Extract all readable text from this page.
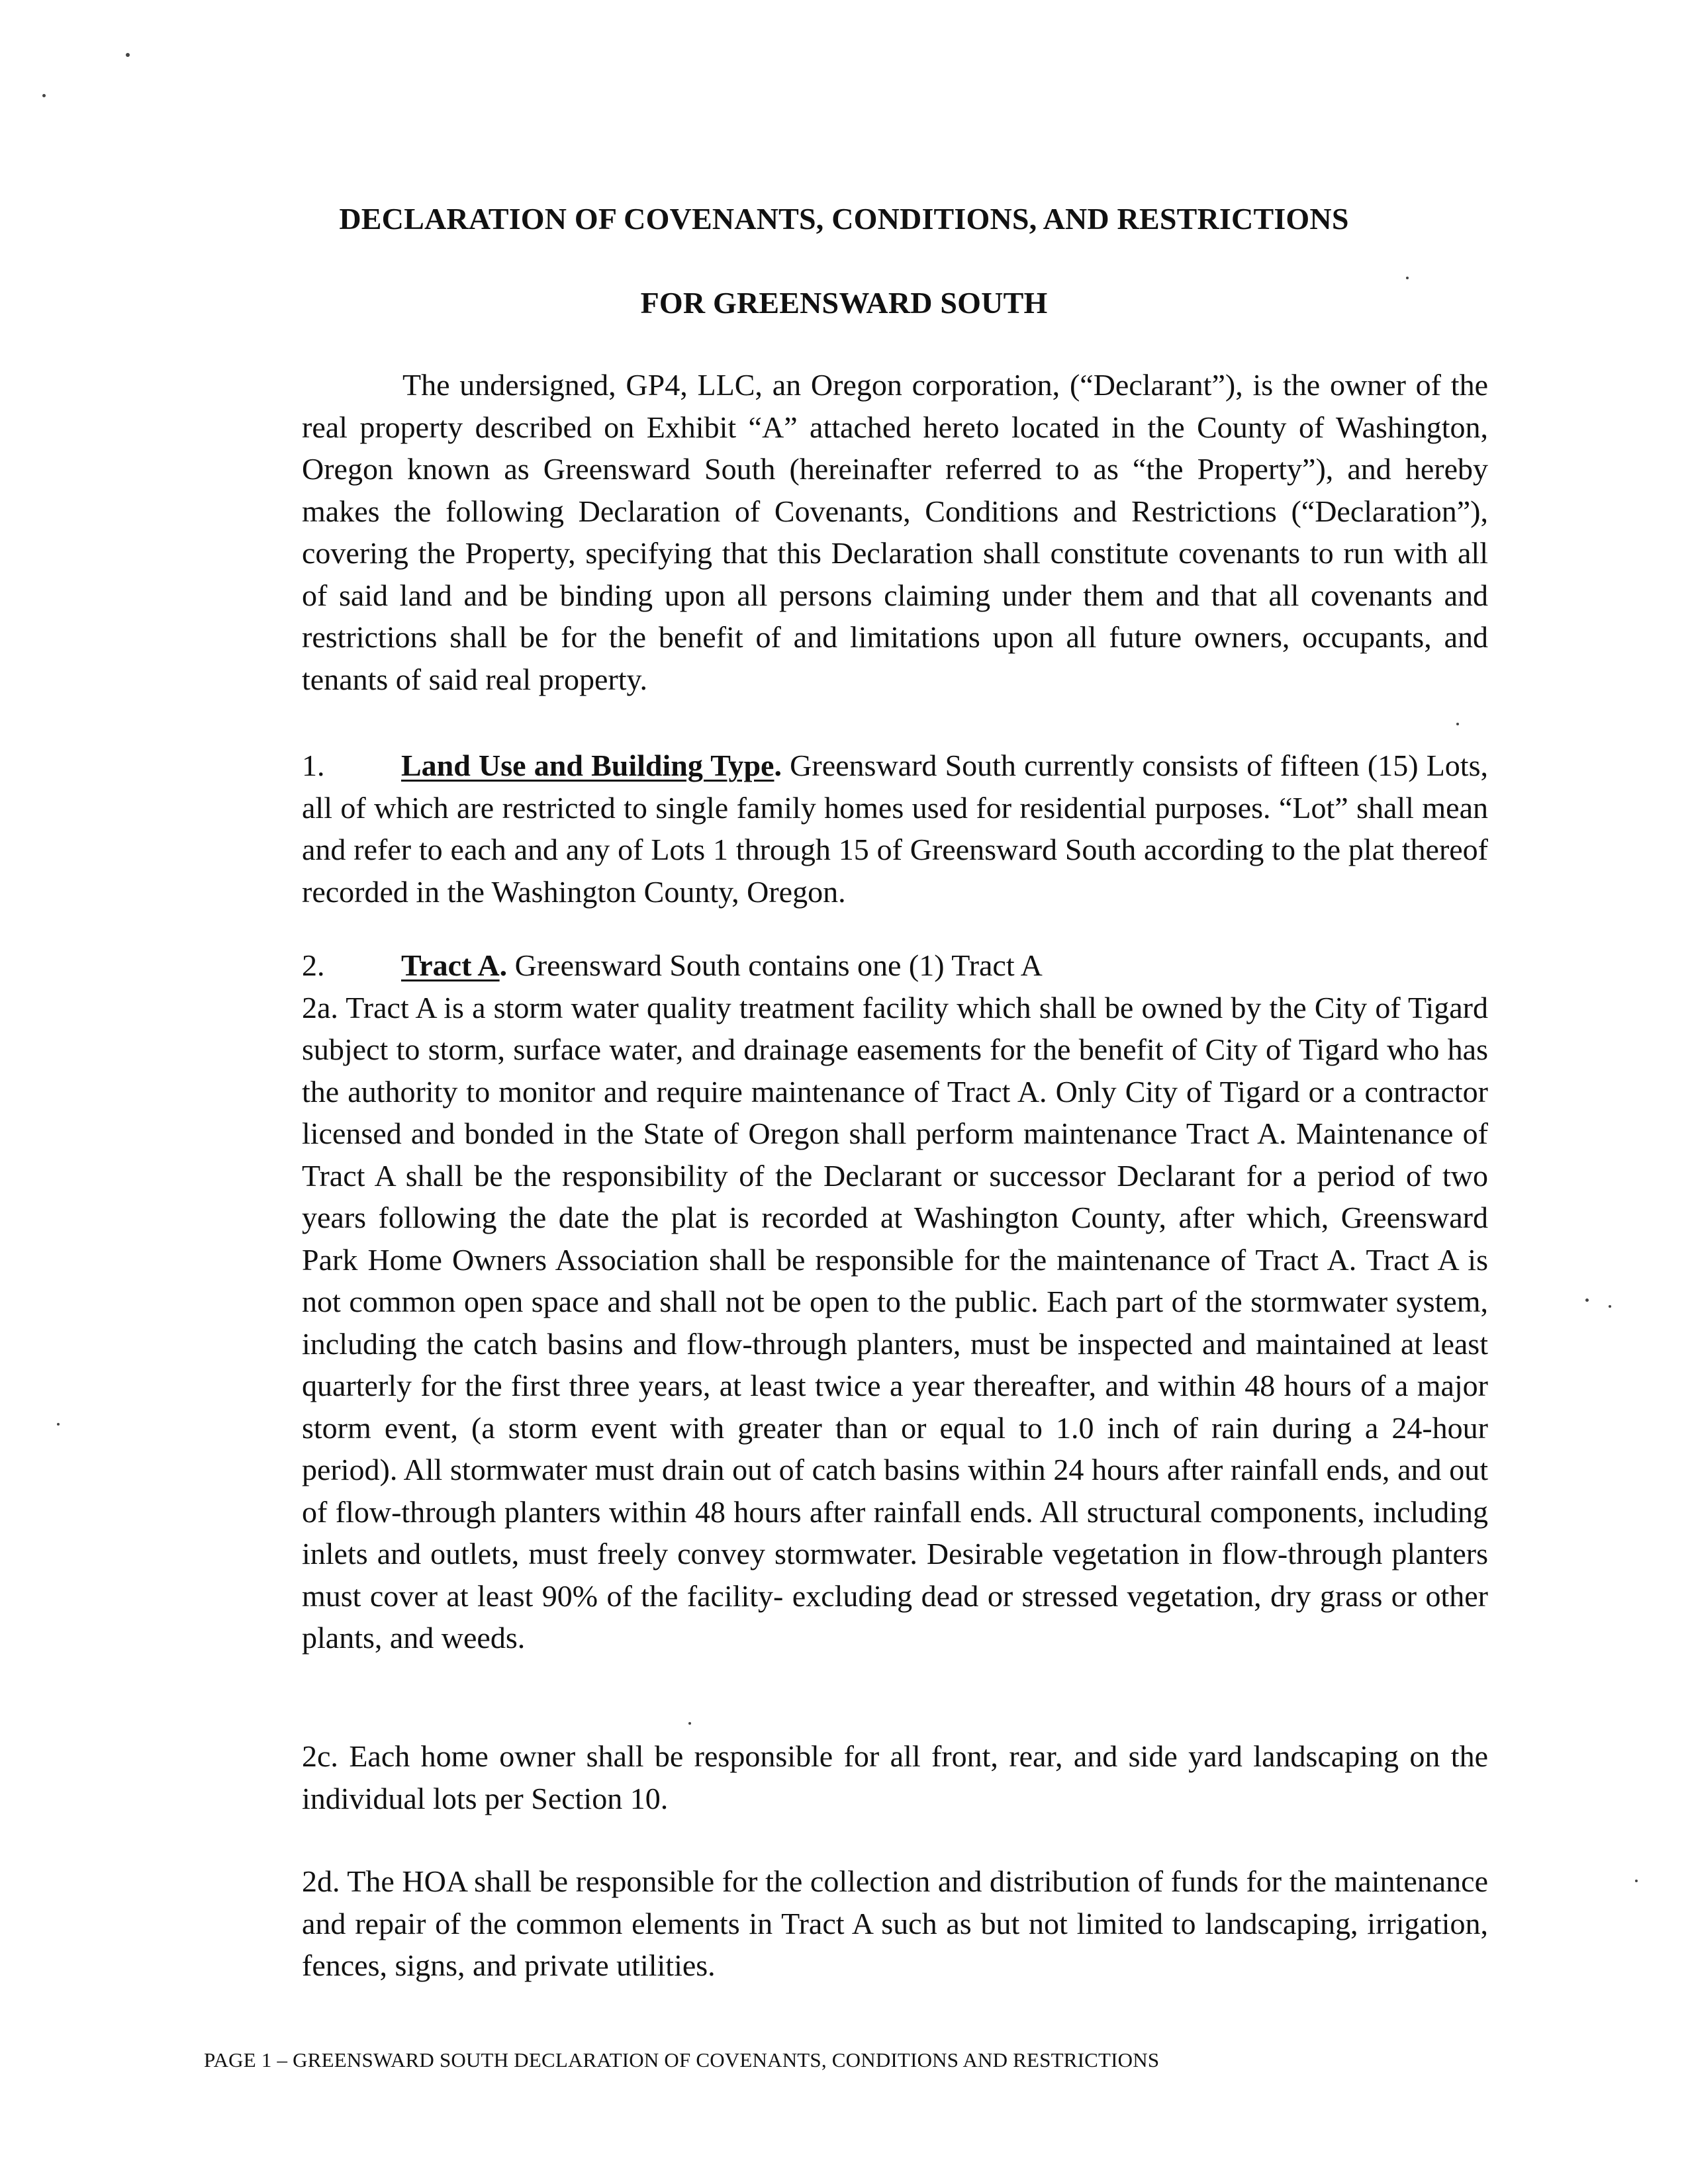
DECLARATION OF COVENANTS, CONDITIONS, AND RESTRICTIONS
FOR GREENSWARD SOUTH
The undersigned, GP4, LLC, an Oregon corporation, (“Declarant”), is the owner of the real property described on Exhibit “A” attached hereto located in the County of Washington, Oregon known as Greensward South (hereinafter referred to as “the Property”), and hereby makes the following Declaration of Covenants, Conditions and Restrictions (“Declaration”), covering the Property, specifying that this Declaration shall constitute covenants to run with all of said land and be binding upon all persons claiming under them and that all covenants and restrictions shall be for the benefit of and limitations upon all future owners, occupants, and tenants of said real property.
1.	Land Use and Building Type. Greensward South currently consists of fifteen (15) Lots, all of which are restricted to single family homes used for residential purposes. “Lot” shall mean and refer to each and any of Lots 1 through 15 of Greensward South according to the plat thereof recorded in the Washington County, Oregon.
2.	Tract A. Greensward South contains one (1) Tract A
2a. Tract A is a storm water quality treatment facility which shall be owned by the City of Tigard subject to storm, surface water, and drainage easements for the benefit of City of Tigard who has the authority to monitor and require maintenance of Tract A. Only City of Tigard or a contractor licensed and bonded in the State of Oregon shall perform maintenance Tract A. Maintenance of Tract A shall be the responsibility of the Declarant or successor Declarant for a period of two years following the date the plat is recorded at Washington County, after which, Greensward Park Home Owners Association shall be responsible for the maintenance of Tract A. Tract A is not common open space and shall not be open to the public. Each part of the stormwater system, including the catch basins and flow-through planters, must be inspected and maintained at least quarterly for the first three years, at least twice a year thereafter, and within 48 hours of a major storm event, (a storm event with greater than or equal to 1.0 inch of rain during a 24-hour period). All stormwater must drain out of catch basins within 24 hours after rainfall ends, and out of flow-through planters within 48 hours after rainfall ends. All structural components, including inlets and outlets, must freely convey stormwater. Desirable vegetation in flow-through planters must cover at least 90% of the facility- excluding dead or stressed vegetation, dry grass or other plants, and weeds.
2c. Each home owner shall be responsible for all front, rear, and side yard landscaping on the individual lots per Section 10.
2d. The HOA shall be responsible for the collection and distribution of funds for the maintenance and repair of the common elements in Tract A such as but not limited to landscaping, irrigation, fences, signs, and private utilities.
PAGE 1 – GREENSWARD SOUTH DECLARATION OF COVENANTS, CONDITIONS AND RESTRICTIONS
